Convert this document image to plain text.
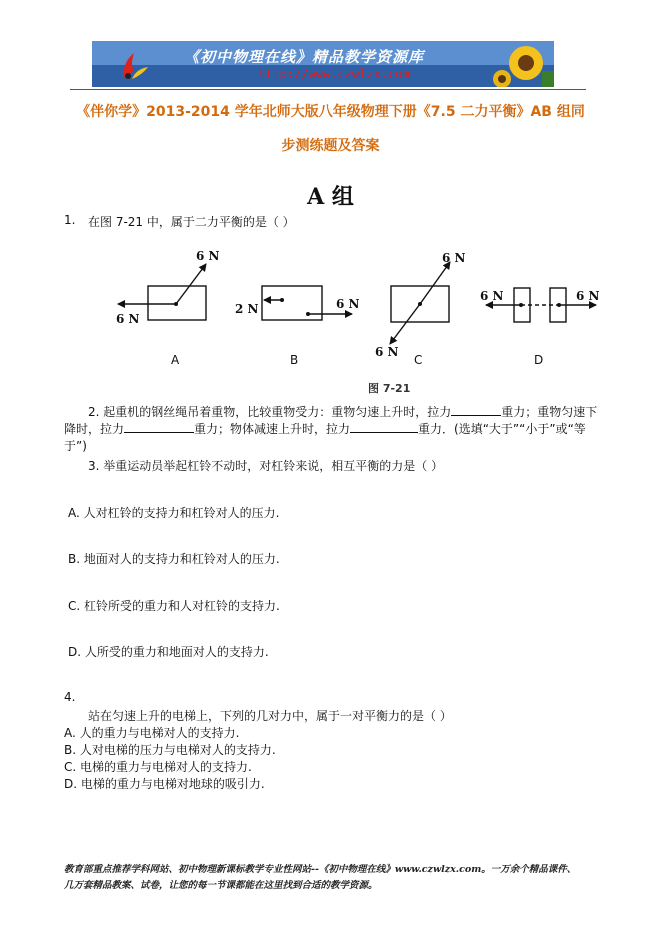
《初中物理在线》精品教学资源库
http://www.czwlzx.com
《伴你学》2013-2014 学年北师大版八年级物理下册《7.5 二力平衡》AB 组同
步测练题及答案
A 组
1. 在图 7-21 中，属于二力平衡的是（ ）
6 N
6 N
2 N	6 N
6 N
6 N
6 N	6 N
A	B	C	D
图 7-21
2. 起重机的钢丝绳吊着重物，比较重物受力：重物匀速上升时，拉力	重力；重物匀速下
降时，拉力	重力；物体减速上升时，拉力	重力．(选填“大于”“小于”或“等
于”)
3. 举重运动员举起杠铃不动时，对杠铃来说，相互平衡的力是（ ）
A. 人对杠铃的支持力和杠铃对人的压力.
B. 地面对人的支持力和杠铃对人的压力.
C. 杠铃所受的重力和人对杠铃的支持力.
D. 人所受的重力和地面对人的支持力.
4.
站在匀速上升的电梯上，下列的几对力中，属于一对平衡力的是（ ）
A. 人的重力与电梯对人的支持力.
B. 人对电梯的压力与电梯对人的支持力.
C. 电梯的重力与电梯对人的支持力.
D. 电梯的重力与电梯对地球的吸引力.
教育部重点推荐学科网站、初中物理新课标教学专业性网站--《初中物理在线》www.czwlzx.com。一万余个精品课件、
几万套精品教案、试卷，让您的每一节课都能在这里找到合适的教学资源。
